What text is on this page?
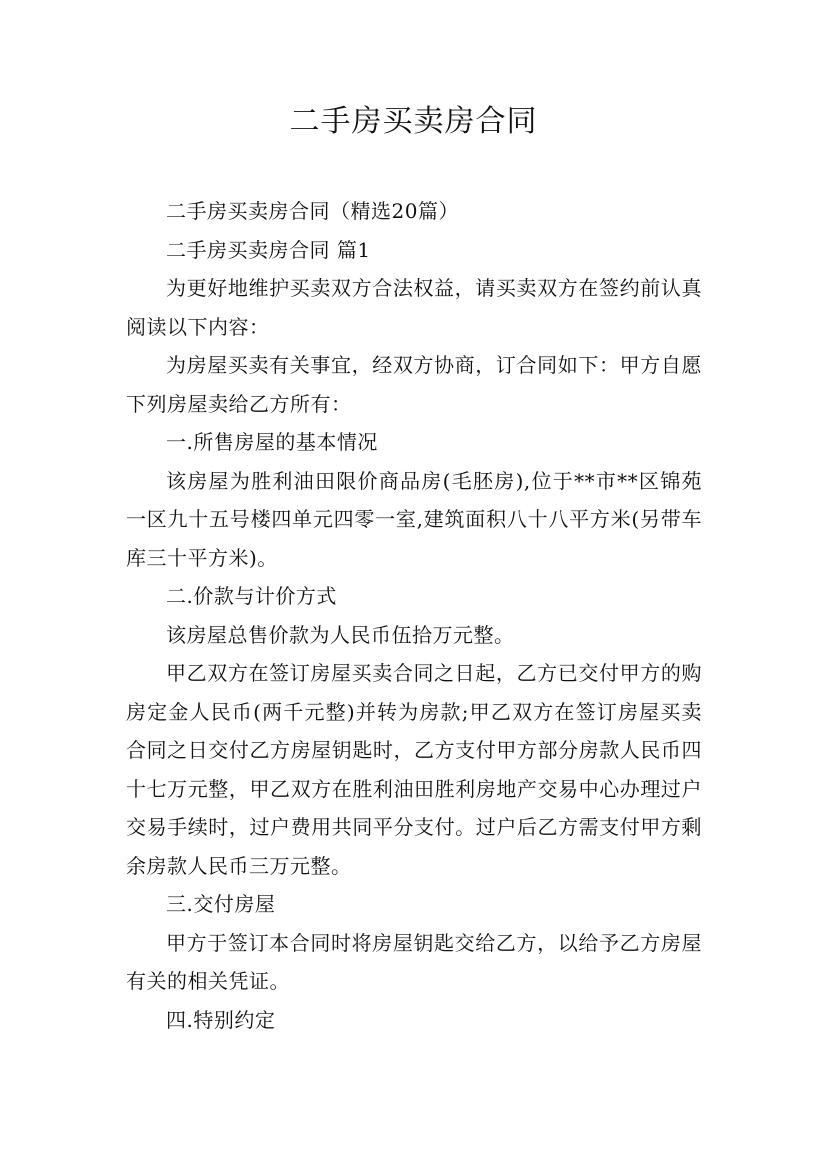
二手房买卖房合同

二手房买卖房合同（精选20篇）

二手房买卖房合同 篇1

为更好地维护买卖双方合法权益，请买卖双方在签约前认真阅读以下内容：

为房屋买卖有关事宜，经双方协商，订合同如下：甲方自愿下列房屋卖给乙方所有：

一.所售房屋的基本情况

该房屋为胜利油田限价商品房(毛胚房),位于**市**区锦苑一区九十五号楼四单元四零一室,建筑面积八十八平方米(另带车库三十平方米)。

二.价款与计价方式

该房屋总售价款为人民币伍拾万元整。

甲乙双方在签订房屋买卖合同之日起，乙方已交付甲方的购房定金人民币(两千元整)并转为房款;甲乙双方在签订房屋买卖合同之日交付乙方房屋钥匙时，乙方支付甲方部分房款人民币四十七万元整，甲乙双方在胜利油田胜利房地产交易中心办理过户交易手续时，过户费用共同平分支付。过户后乙方需支付甲方剩余房款人民币三万元整。

三.交付房屋

甲方于签订本合同时将房屋钥匙交给乙方，以给予乙方房屋有关的相关凭证。

四.特别约定
